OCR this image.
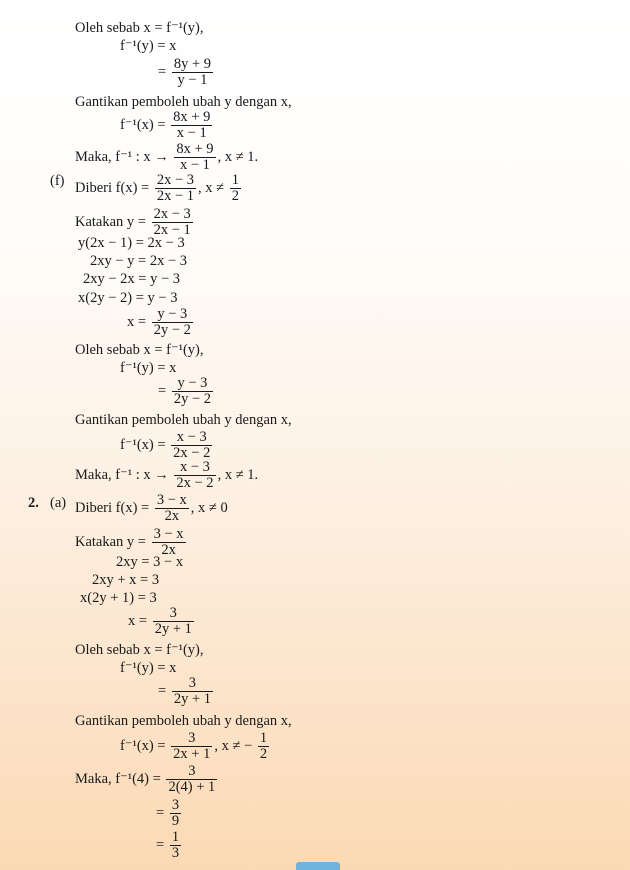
Oleh sebab x = f⁻¹(y),
f⁻¹(y) = x
= $\frac{8y + 9}{y - 1}$
Gantikan pemboleh ubah y dengan x,
$f^{-1}(x) = \frac{8x + 9}{x - 1}$
Maka, f⁻¹ : $x \to \frac{8x + 9}{x - 1}$ , x ≠ 1.
(f) Diberi $f(x) = \frac{2x - 3}{2x - 1}$ , $x \ne \frac{1}{2}$
Katakan $y = \frac{2x - 3}{2x - 1}$
y(2x − 1) = 2x − 3
2xy − y = 2x − 3
2xy − 2x = y − 3
x(2y − 2) = y − 3
$x = \frac{y - 3}{2y - 2}$
Oleh sebab x = f⁻¹(y),
f⁻¹(y) = x
= $\frac{y - 3}{2y - 2}$
Gantikan pemboleh ubah y dengan x,
$f^{-1}(x) = \frac{x - 3}{2x - 2}$
Maka, f⁻¹ : $x \to \frac{x - 3}{2x - 2}$ , x ≠ 1.
2. (a) Diberi $f(x) = \frac{3 - x}{2x}$ , x ≠ 0
Katakan $y = \frac{3 - x}{2x}$
2xy = 3 − x
2xy + x = 3
x(2y + 1) = 3
$x = \frac{3}{2y + 1}$
Oleh sebab x = f⁻¹(y),
f⁻¹(y) = x
= $\frac{3}{2y + 1}$
Gantikan pemboleh ubah y dengan x,
$f^{-1}(x) = \frac{3}{2x + 1}$ , x ≠ − $\frac{1}{2}$
Maka, $f^{-1}(4) = \frac{3}{2(4) + 1}$
= $\frac{3}{9}$
= $\frac{1}{3}$
